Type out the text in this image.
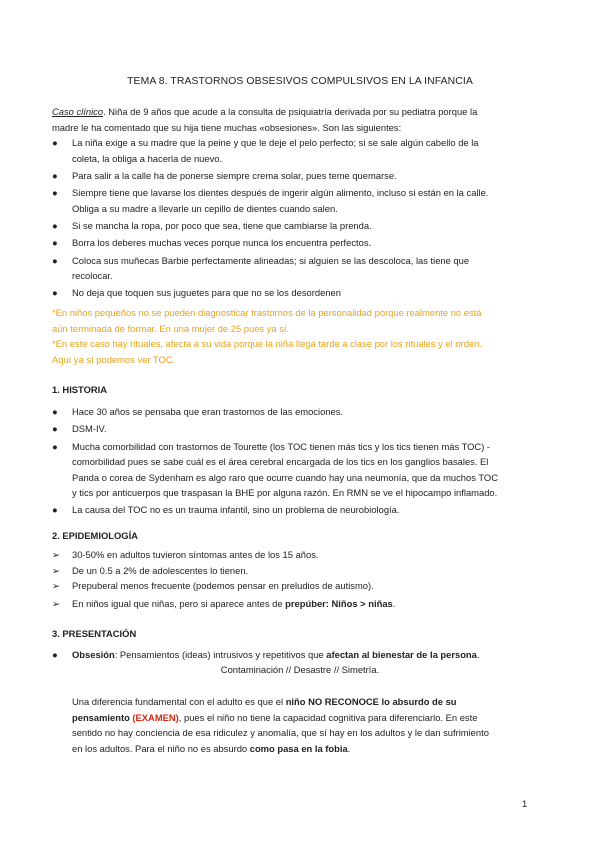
TEMA 8. TRASTORNOS OBSESIVOS COMPULSIVOS EN LA INFANCIA
Caso clínico. Niña de 9 años que acude a la consulta de psiquiatría derivada por su pediatra porque la
madre le ha comentado que su hija tiene muchas «obsesiones». Son las siguientes:
●	La niña exige a su madre que la peine y que le deje el pelo perfecto; si se sale algún cabello de la
coleta, la obliga a hacerla de nuevo.
●	Para salir a la calle ha de ponerse siempre crema solar, pues teme quemarse.
●	Siempre tiene que lavarse los dientes después de ingerir algún alimento, incluso si están en la calle.
Obliga a su madre a llevarle un cepillo de dientes cuando salen.
●	Si se mancha la ropa, por poco que sea, tiene que cambiarse la prenda.
●	Borra los deberes muchas veces porque nunca los encuentra perfectos.
●	Coloca sus muñecas Barbie perfectamente alineadas; si alguien se las descoloca, las tiene que
recolocar.
●	No deja que toquen sus juguetes para que no se los desordenen
*En niños pequeños no se pueden diagnosticar trastornos de la personalidad porque realmente no está
aún terminada de formar. En una mujer de 25 pues ya sí.
*En este caso hay rituales, afecta a su vida porque la niña llega tarde a clase por los rituales y el orden.
Aquí ya sí podemos ver TOC.
1. HISTORIA
●	Hace 30 años se pensaba que eran trastornos de las emociones.
●	DSM-IV.
●	Mucha comorbilidad con trastornos de Tourette (los TOC tienen más tics y los tics tienen más TOC) -
comorbilidad pues se sabe cuál es el área cerebral encargada de los tics en los ganglios basales. El
Panda o corea de Sydenham es algo raro que ocurre cuando hay una neumonía, que da muchos TOC
y tics por anticuerpos que traspasan la BHE por alguna razón. En RMN se ve el hipocampo inflamado.
●	La causa del TOC no es un trauma infantil, sino un problema de neurobiología.
2. EPIDEMIOLOGÍA
➢	30-50% en adultos tuvieron síntomas antes de los 15 años.
➢	De un 0.5 a 2% de adolescentes lo tienen.
➢	Prepuberal menos frecuente (podemos pensar en preludios de autismo).
➢	En niños igual que niñas, pero si aparece antes de prepúber: Niños > niñas.
3. PRESENTACIÓN
●	Obsesión: Pensamientos (ideas) intrusivos y repetitivos que afectan al bienestar de la persona.
Contaminación // Desastre // Simetría.
Una diferencia fundamental con el adulto es que el niño NO RECONOCE lo absurdo de su
pensamiento (EXAMEN), pues el niño no tiene la capacidad cognitiva para diferenciarlo. En este

sentido no hay conciencia de esa ridiculez y anomalía, que sí hay en los adultos y le dan sufrimiento
en los adultos. Para el niño no es absurdo como pasa en la fobia.
1
